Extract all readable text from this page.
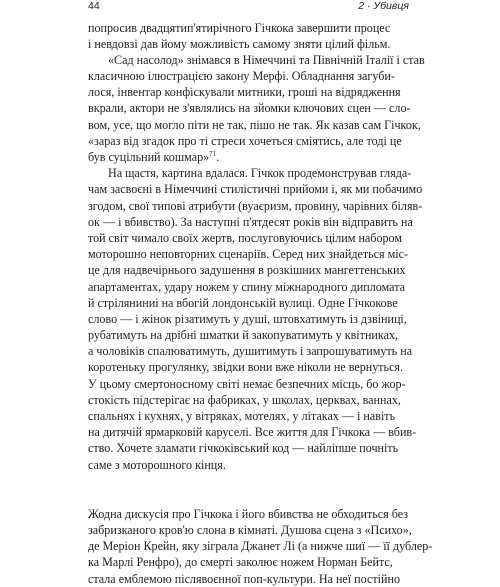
44	2 · Убивця
попросив двадцятип'ятирічного Гічкока завершити процес
і невдовзі дав йому можливість самому зняти цілий фільм.
«Сад насолод» знімався в Німеччині та Північній Італії і став
класичною ілюстрацією закону Мерфі. Обладнання загуби-
лося, інвентар конфіскували митники, гроші на відрядження
вкрали, актори не з'являлись на зйомки ключових сцен — сло-
вом, усе, що могло піти не так, пішо не так. Як казав сам Гічкок,
«зараз від згадок про ті стреси хочеться сміятись, але тоді це
був суцільний кошмар»$^{71}$.
На щастя, картина вдалася. Гічкок продемонстрував гляда-
чам засвоєні в Німеччині стилістичні прийоми і, як ми побачимо
згодом, свої типові атрибути (вуаєризм, провину, чарівних біляв-
ок — і вбивство). За наступні п'ятдесят років він відправить на
той світ чимало своїх жертв, послуговуючись цілим набором
моторошно неповторних сценаріїв. Серед них знайдеться міс-
це для надвечірнього задушення в розкішних мангеттенських
апартаментах, удару ножем у спину міжнародного дипломата
й стріляниниі на вбогій лондонській вулиці. Одне Гічкокове
слово — і жінок різатимуть у душі, штовхатимуть із дзвіниці,
рубатимуть на дрібні шматки й закопуватимуть у квітниках,
а чоловіків спалюватимуть, душитимуть і запрошуватимуть на
коротеньку прогулянку, звідки вони вже ніколи не вернуться.
У цьому смертоносному світі немає безпечних місць, бо жор-
стокість підстерігає на фабриках, у школах, церквах, ваннах,
спальнях і кухнях, у вітряках, мотелях, у літаках — і навіть
на дитячій ярмарковій каруселі. Все життя для Гічкока — вбив-
ство. Хочете зламати гічкоківський код — найліпше почніть
саме з моторошного кінця.
Жодна дискусія про Гічкока і його вбивства не обходиться без
забризканого кров'ю слона в кімнаті. Душова сцена з «Психо»,
де Меріон Крейн, яку зіграла Джанет Лі (а нижче шиї — її дублер-
ка Марлі Ренфро), до смерті заколює ножем Норман Бейтс,
стала емблемою післявоєнної поп-культури. На неї постійно
